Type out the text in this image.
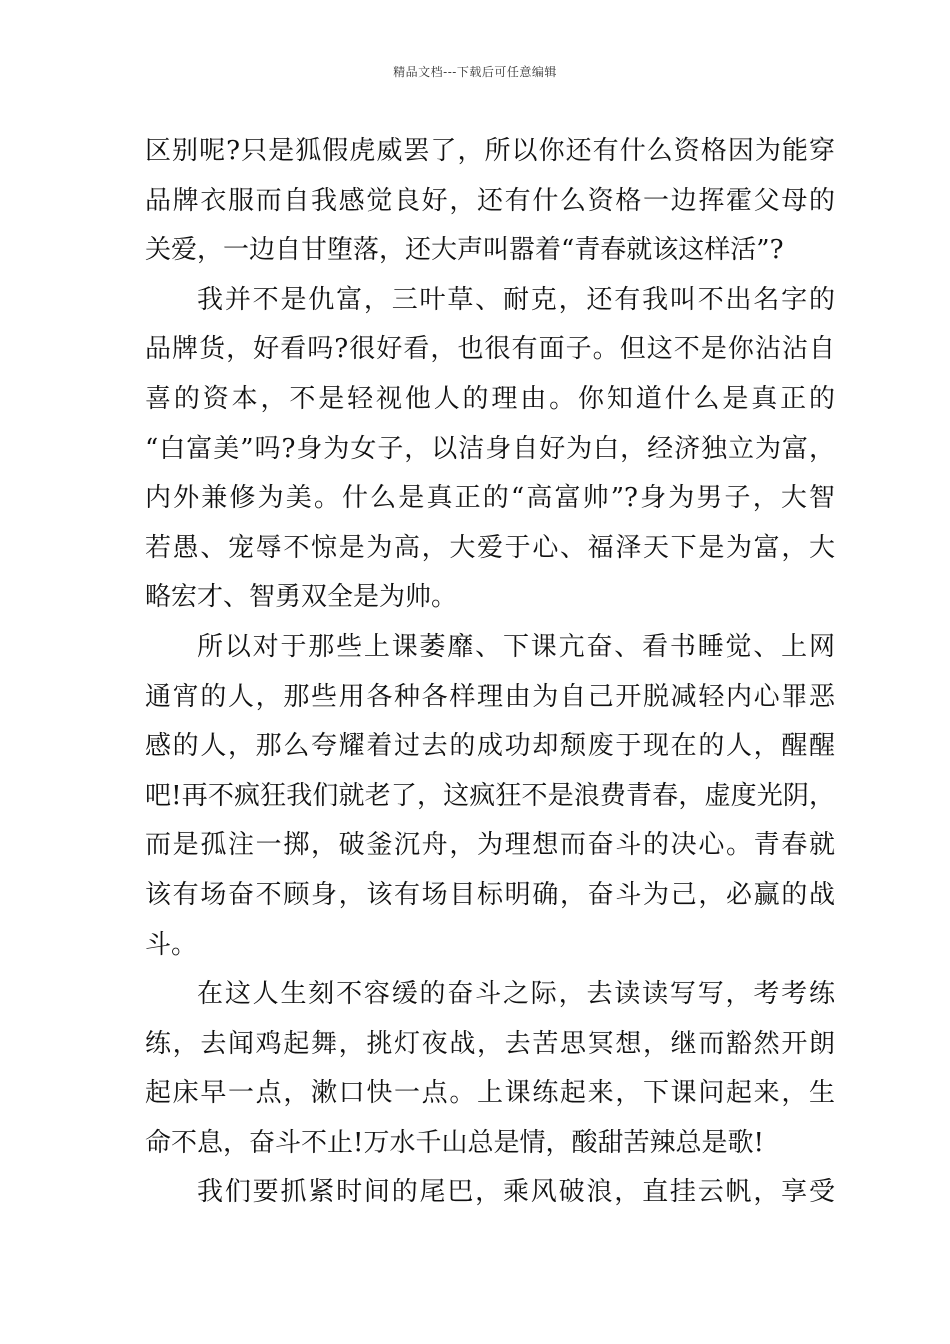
精品文档---下载后可任意编辑
区别呢?只是狐假虎威罢了，所以你还有什么资格因为能穿
品牌衣服而自我感觉良好，还有什么资格一边挥霍父母的
关爱，一边自甘堕落，还大声叫嚣着“青春就该这样活”?
我并不是仇富，三叶草、耐克，还有我叫不出名字的
品牌货，好看吗?很好看，也很有面子。但这不是你沾沾自
喜的资本，不是轻视他人的理由。你知道什么是真正的
“白富美”吗?身为女子，以洁身自好为白，经济独立为富，
内外兼修为美。什么是真正的“高富帅”?身为男子，大智
若愚、宠辱不惊是为高，大爱于心、福泽天下是为富，大
略宏才、智勇双全是为帅。
所以对于那些上课萎靡、下课亢奋、看书睡觉、上网
通宵的人，那些用各种各样理由为自己开脱减轻内心罪恶
感的人，那么夸耀着过去的成功却颓废于现在的人，醒醒
吧!再不疯狂我们就老了，这疯狂不是浪费青春，虚度光阴，
而是孤注一掷，破釜沉舟，为理想而奋斗的决心。青春就
该有场奋不顾身，该有场目标明确，奋斗为己，必赢的战
斗。
在这人生刻不容缓的奋斗之际，去读读写写，考考练
练，去闻鸡起舞，挑灯夜战，去苦思冥想，继而豁然开朗
起床早一点，漱口快一点。上课练起来，下课问起来，生
命不息，奋斗不止!万水千山总是情，酸甜苦辣总是歌!
我们要抓紧时间的尾巴，乘风破浪，直挂云帆，享受
